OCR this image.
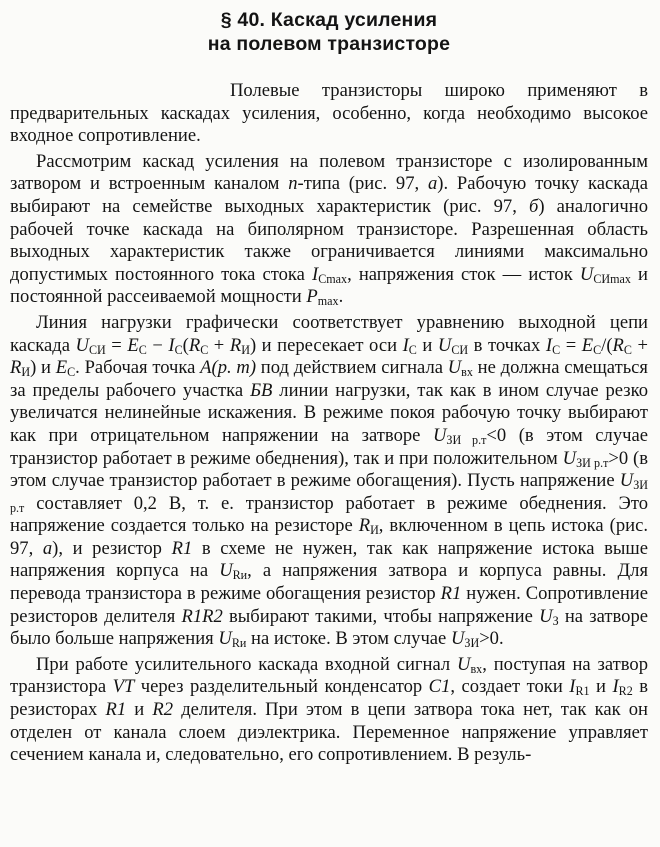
§ 40. Каскад усиления
на полевом транзисторе

Полевые транзисторы широко применяют в предварительных каскадах усиления, особенно, когда необходимо высокое входное сопротивление.

Рассмотрим каскад усиления на полевом транзисторе с изолированным затвором и встроенным каналом n-типа (рис. 97, а). Рабочую точку каскада выбирают на семействе выходных характеристик (рис. 97, б) аналогично рабочей точке каскада на биполярном транзисторе. Разрешенная область выходных характеристик также ограничивается линиями максимально допустимых постоянного тока стока $I_{Cmax}$, напряжения сток — исток $U_{CИmax}$ и постоянной рассеиваемой мощности $P_{max}$.

Линия нагрузки графически соответствует уравнению выходной цепи каскада $U_{СИ} = E_С - I_С(R_С + R_И)$ и пересекает оси $I_С$ и $U_{СИ}$ в точках $I_С = E_С/(R_С + R_И)$ и $E_С$. Рабочая точка A(р. т) под действием сигнала $U_{вх}$ не должна смещаться за пределы рабочего участка БВ линии нагрузки, так как в ином случае резко увеличатся нелинейные искажения. В режиме покоя рабочую точку выбирают как при отрицательном напряжении на затворе $U_{ЗИ р.т}<0$ (в этом случае транзистор работает в режиме обеднения), так и при положительном $U_{ЗИ р.т}>0$ (в этом случае транзистор работает в режиме обогащения). Пусть напряжение $U_{ЗИ р.т}$ составляет 0,2 В, т. е. транзистор работает в режиме обеднения. Это напряжение создается только на резисторе $R_И$, включенном в цепь истока (рис. 97, а), и резистор R1 в схеме не нужен, так как напряжение истока выше напряжения корпуса на $U_{Rи}$, а напряжения затвора и корпуса равны. Для перевода транзистора в режиме обогащения резистор R1 нужен. Сопротивление резисторов делителя R1R2 выбирают такими, чтобы напряжение $U_З$ на затворе было больше напряжения $U_{Rи}$ на истоке. В этом случае $U_{ЗИ}>0$.

При работе усилительного каскада входной сигнал $U_{вх}$, поступая на затвор транзистора VT через разделительный конденсатор C1, создает токи $I_{R1}$ и $I_{R2}$ в резисторах R1 и R2 делителя. При этом в цепи затвора тока нет, так как он отделен от канала слоем диэлектрика. Переменное напряжение управляет сечением канала и, следовательно, его сопротивлением. В резуль-
